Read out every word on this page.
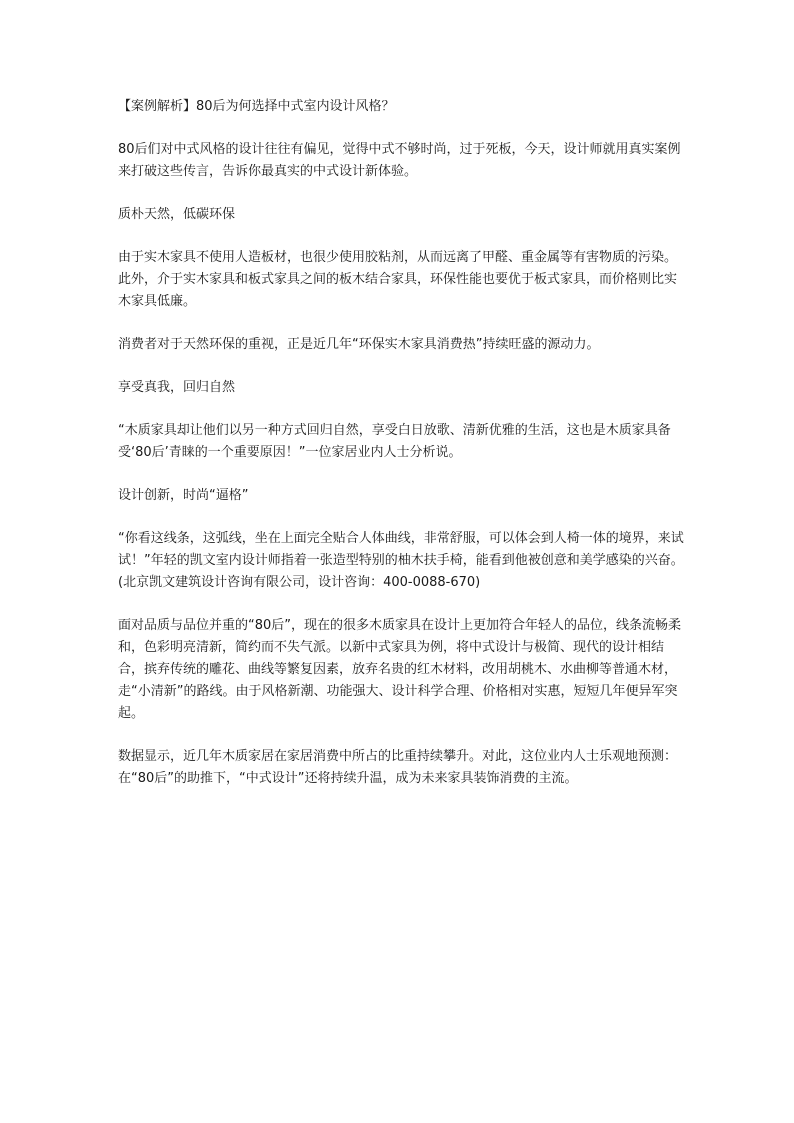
【案例解析】80后为何选择中式室内设计风格？

80后们对中式风格的设计往往有偏见，觉得中式不够时尚，过于死板，今天，设计师就用真实案例来打破这些传言，告诉你最真实的中式设计新体验。

质朴天然，低碳环保

由于实木家具不使用人造板材，也很少使用胶粘剂，从而远离了甲醛、重金属等有害物质的污染。此外，介于实木家具和板式家具之间的板木结合家具，环保性能也要优于板式家具，而价格则比实木家具低廉。

消费者对于天然环保的重视，正是近几年“环保实木家具消费热”持续旺盛的源动力。

享受真我，回归自然

“木质家具却让他们以另一种方式回归自然，享受白日放歌、清新优雅的生活，这也是木质家具备受‘80后’青睐的一个重要原因！”一位家居业内人士分析说。

设计创新，时尚“逼格”

“你看这线条，这弧线，坐在上面完全贴合人体曲线，非常舒服，可以体会到人椅一体的境界，来试试！”年轻的凯文室内设计师指着一张造型特别的柚木扶手椅，能看到他被创意和美学感染的兴奋。(北京凯文建筑设计咨询有限公司，设计咨询：400-0088-670)

面对品质与品位并重的“80后”，现在的很多木质家具在设计上更加符合年轻人的品位，线条流畅柔和，色彩明亮清新，简约而不失气派。以新中式家具为例，将中式设计与极简、现代的设计相结合，摈弃传统的雕花、曲线等繁复因素，放弃名贵的红木材料，改用胡桃木、水曲柳等普通木材，走“小清新”的路线。由于风格新潮、功能强大、设计科学合理、价格相对实惠，短短几年便异军突起。

数据显示，近几年木质家居在家居消费中所占的比重持续攀升。对此，这位业内人士乐观地预测：在“80后”的助推下，“中式设计”还将持续升温，成为未来家具装饰消费的主流。
